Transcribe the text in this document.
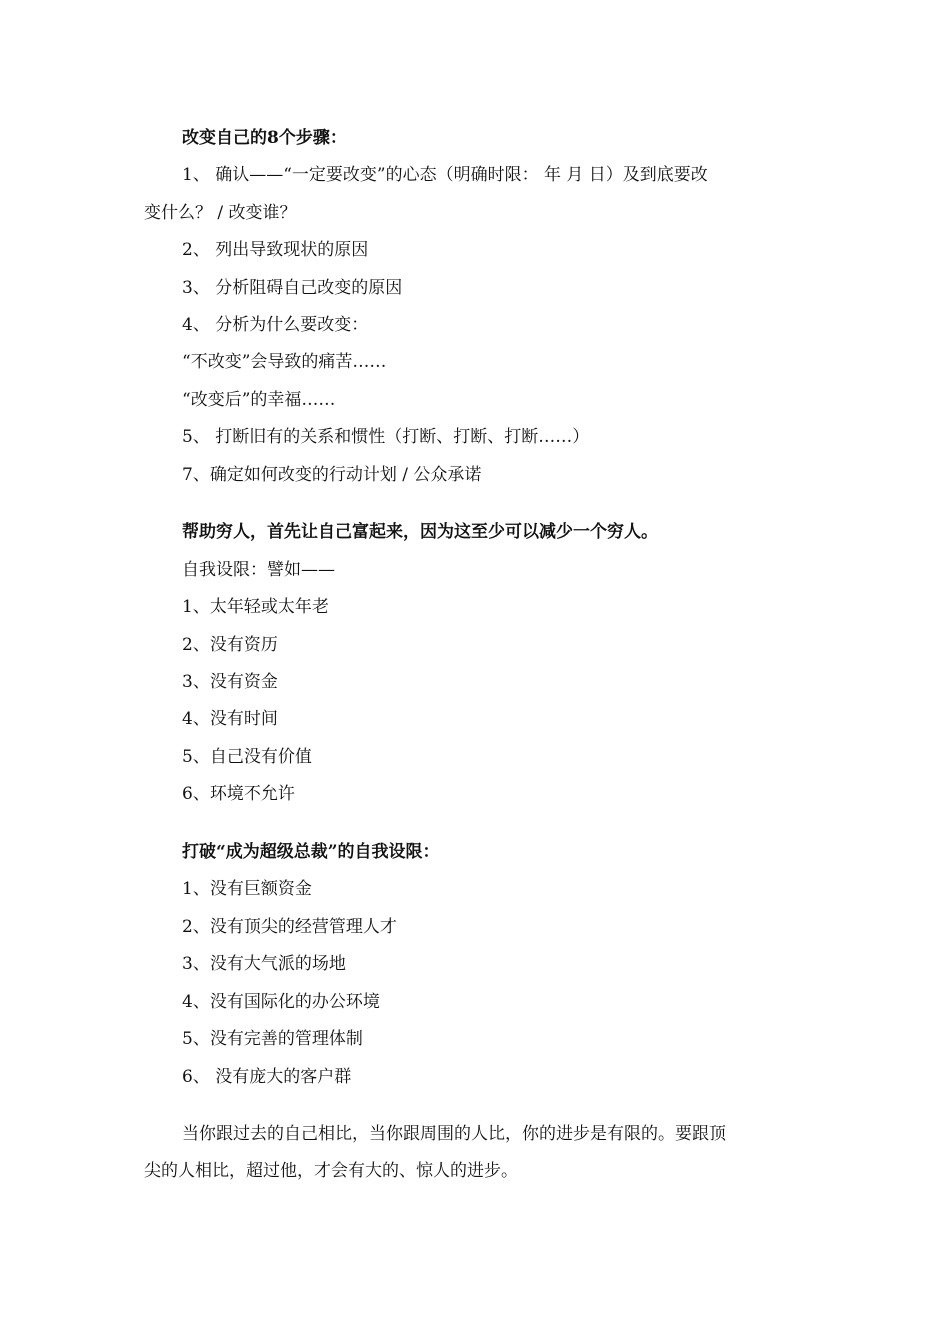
改变自己的8个步骤：
1、 确认——“一定要改变”的心态（明确时限： 年 月 日）及到底要改
变什么？ / 改变谁？
2、 列出导致现状的原因
3、 分析阻碍自己改变的原因
4、 分析为什么要改变：
“不改变”会导致的痛苦……
“改变后”的幸福……
5、 打断旧有的关系和惯性（打断、打断、打断……）
7、确定如何改变的行动计划 / 公众承诺
帮助穷人，首先让自己富起来，因为这至少可以减少一个穷人。
自我设限：譬如——
1、太年轻或太年老
2、没有资历
3、没有资金
4、没有时间
5、自己没有价值
6、环境不允许
打破“成为超级总裁”的自我设限：
1、没有巨额资金
2、没有顶尖的经营管理人才
3、没有大气派的场地
4、没有国际化的办公环境
5、没有完善的管理体制
6、 没有庞大的客户群
当你跟过去的自己相比，当你跟周围的人比，你的进步是有限的。要跟顶
尖的人相比，超过他，才会有大的、惊人的进步。
